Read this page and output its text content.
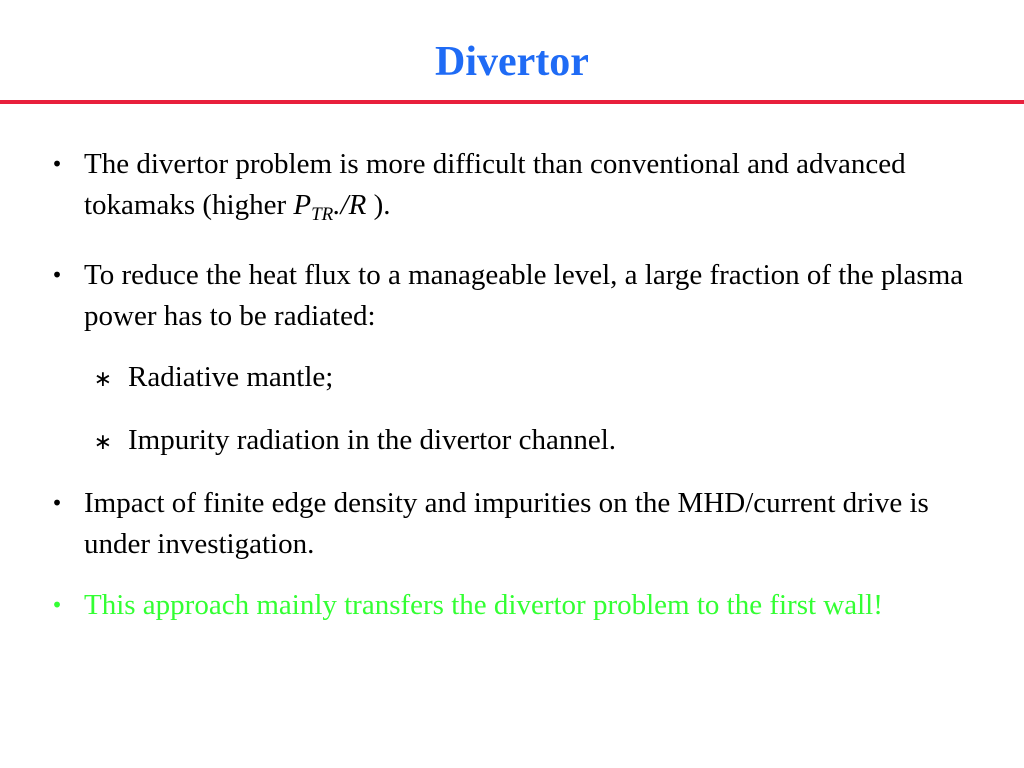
Divertor
• The divertor problem is more difficult than conventional and advanced tokamaks (higher $P_{TR}./R$ ).
• To reduce the heat flux to a manageable level, a large fraction of the plasma power has to be radiated:
∗ Radiative mantle;
∗ Impurity radiation in the divertor channel.
• Impact of finite edge density and impurities on the MHD/current drive is under investigation.
• This approach mainly transfers the divertor problem to the first wall!
